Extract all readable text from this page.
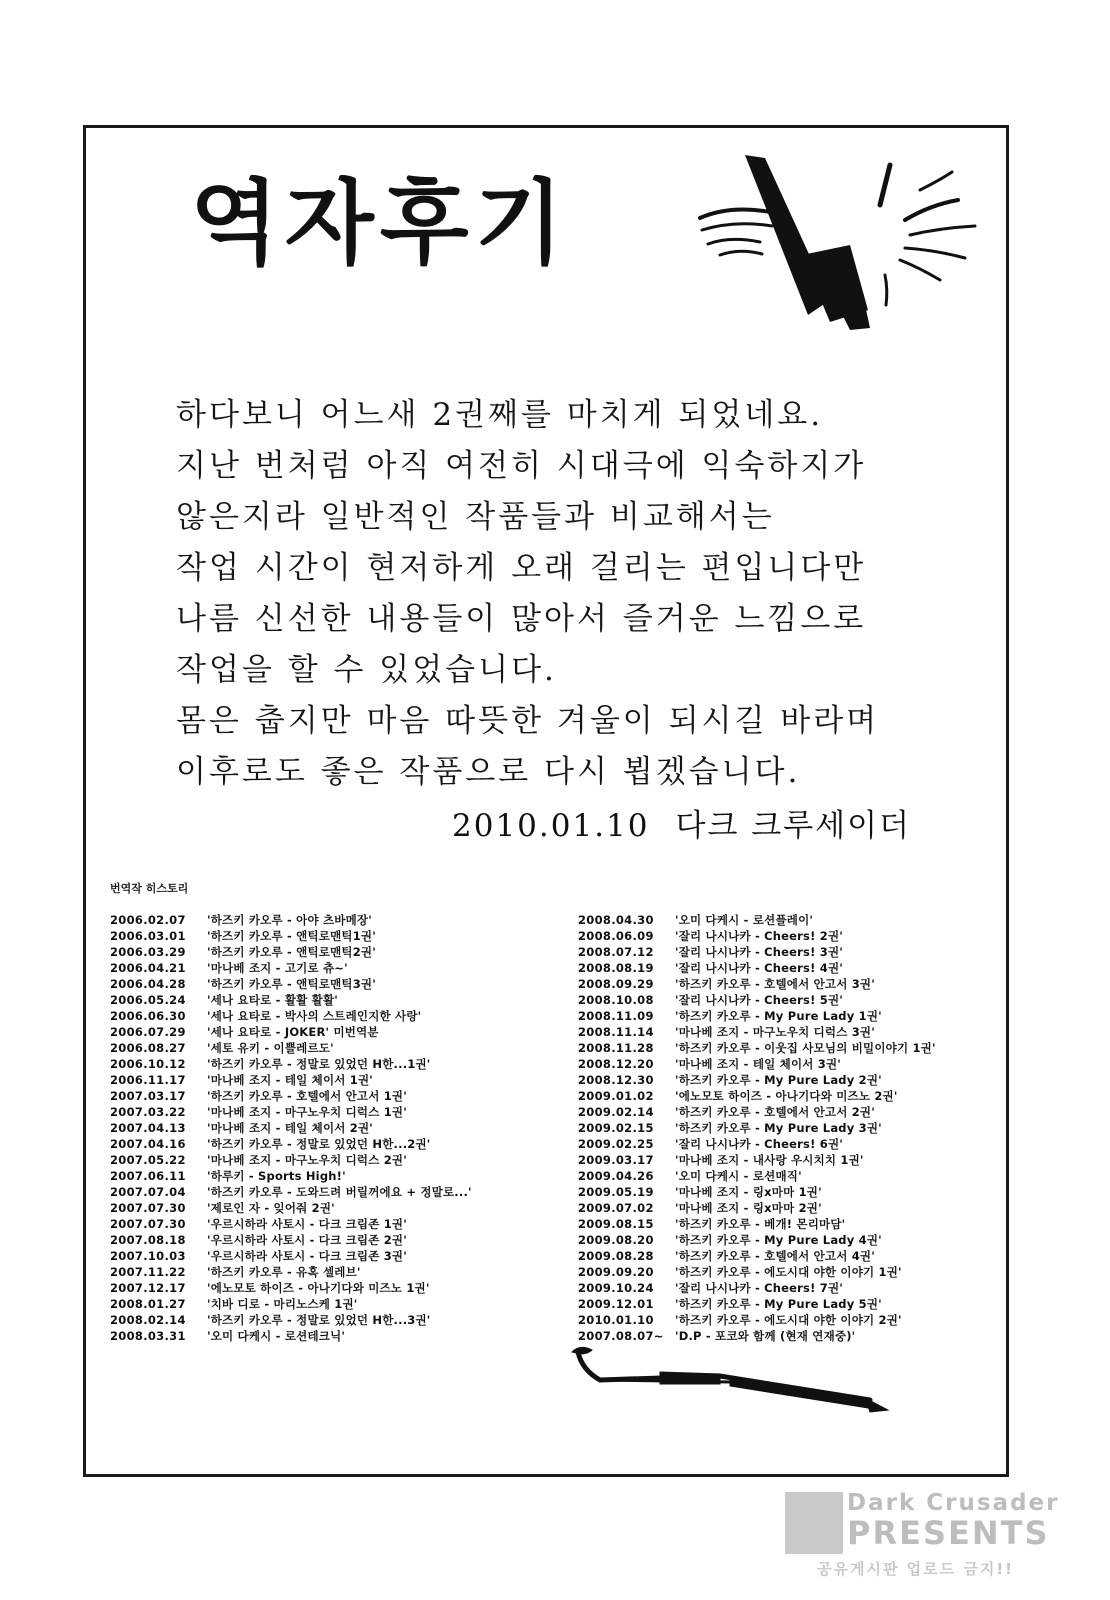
역자후기
하다보니 어느새 2권째를 마치게 되었네요.
지난 번처럼 아직 여전히 시대극에 익숙하지가
않은지라 일반적인 작품들과 비교해서는
작업 시간이 현저하게 오래 걸리는 편입니다만
나름 신선한 내용들이 많아서 즐거운 느낌으로
작업을 할 수 있었습니다.
몸은 춥지만 마음 따뜻한 겨울이 되시길 바라며
이후로도 좋은 작품으로 다시 뵙겠습니다.
2010.01.10 다크 크루세이더
번역작 히스토리
2006.02.07	'하즈키 카오루 - 아야 츠바메장'
2006.03.01	'하즈키 카오루 - 앤틱로맨틱1권'
2006.03.29	'하즈키 카오루 - 앤틱로맨틱2권'
2006.04.21	'마나베 조지 - 고기로 츄~'
2006.04.28	'하즈키 카오루 - 앤틱로맨틱3권'
2006.05.24	'세나 요타로 - 활활 활활'
2006.06.30	'세나 요타로 - 박사의 스트레인지한 사랑'
2006.07.29	'세나 요타로 - JOKER' 미번역분
2006.08.27	'세토 유키 - 이쁠레르도'
2006.10.12	'하즈키 카오루 - 정말로 있었던 H한...1권'
2006.11.17	'마나베 조지 - 테일 체이서 1권'
2007.03.17	'하즈키 카오루 - 호텔에서 안고서 1권'
2007.03.22	'마나베 조지 - 마구노우치 디럭스 1권'
2007.04.13	'마나베 조지 - 테일 체이서 2권'
2007.04.16	'하즈키 카오루 - 정말로 있었던 H한...2권'
2007.05.22	'마나베 조지 - 마구노우치 디럭스 2권'
2007.06.11	'하루키 - Sports High!'
2007.07.04	'하즈키 카오루 - 도와드려 버릴꺼에요 + 정말로...'
2007.07.30	'제로인 자 - 잊어줘 2권'
2007.07.30	'우르시하라 사토시 - 다크 크림존 1권'
2007.08.18	'우르시하라 사토시 - 다크 크림존 2권'
2007.10.03	'우르시하라 사토시 - 다크 크림존 3권'
2007.11.22	'하즈키 카오루 - 유혹 셀레브'
2007.12.17	'에노모토 하이즈 - 아나기다와 미즈노 1권'
2008.01.27	'치바 디로 - 마리노스케 1권'
2008.02.14	'하즈키 카오루 - 정말로 있었던 H한...3권'
2008.03.31	'오미 다케시 - 로션테크닉'
2008.04.30	'오미 다케시 - 로션플레이'
2008.06.09	'잘리 나시나카 - Cheers! 2권'
2008.07.12	'잘리 나시나카 - Cheers! 3권'
2008.08.19	'잘리 나시나카 - Cheers! 4권'
2008.09.29	'하즈키 카오루 - 호텔에서 안고서 3권'
2008.10.08	'잘리 나시나카 - Cheers! 5권'
2008.11.09	'하즈키 카오루 - My Pure Lady 1권'
2008.11.14	'마나베 조지 - 마구노우치 디럭스 3권'
2008.11.28	'하즈키 카오루 - 이웃집 사모님의 비밀이야기 1권'
2008.12.20	'마나베 조지 - 테일 체이서 3권'
2008.12.30	'하즈키 카오루 - My Pure Lady 2권'
2009.01.02	'에노모토 하이즈 - 아나기다와 미즈노 2권'
2009.02.14	'하즈키 카오루 - 호텔에서 안고서 2권'
2009.02.15	'하즈키 카오루 - My Pure Lady 3권'
2009.02.25	'잘리 나시나카 - Cheers! 6권'
2009.03.17	'마나베 조지 - 내사랑 우시치치 1권'
2009.04.26	'오미 다케시 - 로션매직'
2009.05.19	'마나베 조지 - 링x마마 1권'
2009.07.02	'마나베 조지 - 링x마마 2권'
2009.08.15	'하즈키 카오루 - 베개! 몬리마담'
2009.08.20	'하즈키 카오루 - My Pure Lady 4권'
2009.08.28	'하즈키 카오루 - 호텔에서 안고서 4권'
2009.09.20	'하즈키 카오루 - 에도시대 야한 이야기 1권'
2009.10.24	'잘리 나시나카 - Cheers! 7권'
2009.12.01	'하즈키 카오루 - My Pure Lady 5권'
2010.01.10	'하즈키 카오루 - 에도시대 야한 이야기 2권'
2007.08.07~ 'D.P - 포코와 함께 (현재 연재중)'
Dark Crusader
PRESENTS
공유게시판 업로드 금지!!
